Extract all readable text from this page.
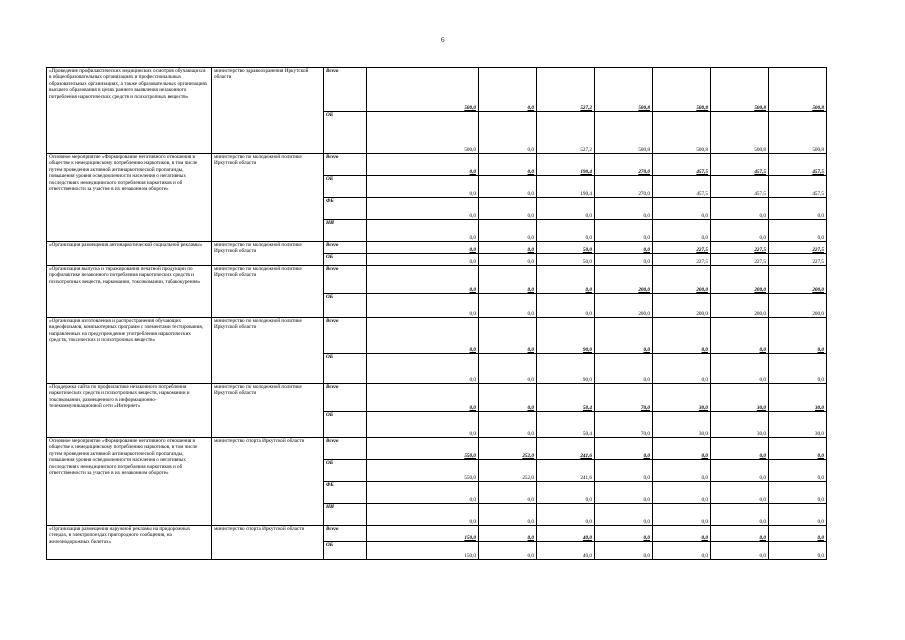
6
«Проведение профилактических медицинских осмотров обучающихся в общеобразовательных организациях и профессиональных образовательных организациях, а также образовательных организациях высшего образования в целях раннего выявления незаконного потребления наркотических средств и психотропных веществ»	министерство здравоохранения Иркутской области	Всего	500,0	0,0	527,2	500,8	500,8	500,8	500,8
		ОБ	500,0	0,0	527,2	500,8	500,8	500,8	500,8
Основное мероприятие «Формирование негативного отношения в обществе к немедицинскому потреблению наркотиков, в том числе путем проведения активной антинаркотической пропаганды, повышения уровня осведомленности населения о негативных последствиях немедицинского потребления наркотиков и об ответственности за участие в их незаконном обороте»	министерство по молодежной политике Иркутской области	Всего	0,0	0,0	190,4	270,0	457,5	457,5	457,5
		ОБ	0,0	0,0	190,4	270,0	457,5	457,5	457,5
		ФБ	0,0	0,0	0,0	0,0	0,0	0,0	0,0
		НИ	0,0	0,0	0,0	0,0	0,0	0,0	0,0
«Организация размещения антинаркотической социальной рекламы»	министерство по молодежной политике Иркутской области	Всего	0,0	0,0	50,0	0,0	227,5	227,5	227,5
		ОБ	0,0	0,0	50,0	0,0	227,5	227,5	227,5
«Организация выпуска и тиражирования печатной продукции по профилактике незаконного потребления наркотических средств и психотропных веществ, наркомании, токсикомании, табакокурения»	министерство по молодежной политике Иркутской области	Всего	0,0	0,0	0,0	200,0	200,0	200,0	200,0
		ОБ	0,0	0,0	0,0	200,0	200,0	200,0	200,0
«Организация изготовления и распространения обучающих видеофильмов, компьютерных программ с элементами тестирования, направленных на предупреждение употребления наркотических средств, токсических и психотропных веществ»	министерство по молодежной политике Иркутской области	Всего	0,0	0,0	90,0	0,0	0,0	0,0	0,0
		ОБ	0,0	0,0	90,0	0,0	0,0	0,0	0,0
«Поддержка сайта по профилактике незаконного потребления наркотических средств и психотропных веществ, наркомании и токсикомании, размещенного в информационно-телекоммуникационной сети «Интернет»	министерство по молодежной политике Иркутской области	Всего	0,0	0,0	50,4	70,0	30,0	30,0	30,0
		ОБ	0,0	0,0	50,4	70,0	30,0	30,0	30,0
Основное мероприятие «Формирование негативного отношения в обществе к немедицинскому потреблению наркотиков, в том числе путем проведения активной антинаркотической пропаганды, повышения уровня осведомленности населения о негативных последствиях немедицинского потребления наркотиков и об ответственности за участие в их незаконном обороте»	министерство спорта Иркутской области	Всего	550,0	252,0	241,6	0,0	0,0	0,0	0,0
		ОБ	550,0	252,0	241,6	0,0	0,0	0,0	0,0
		ФБ	0,0	0,0	0,0	0,0	0,0	0,0	0,0
		НИ	0,0	0,0	0,0	0,0	0,0	0,0	0,0
«Организация размещения наружной рекламы на придорожных стендах, в электропоездах пригородного сообщения, на железнодорожных билетах»	министерство спорта Иркутской области	Всего	150,0	0,0	40,0	0,0	0,0	0,0	0,0
		ОБ	150,0	0,0	40,0	0,0	0,0	0,0	0,0
